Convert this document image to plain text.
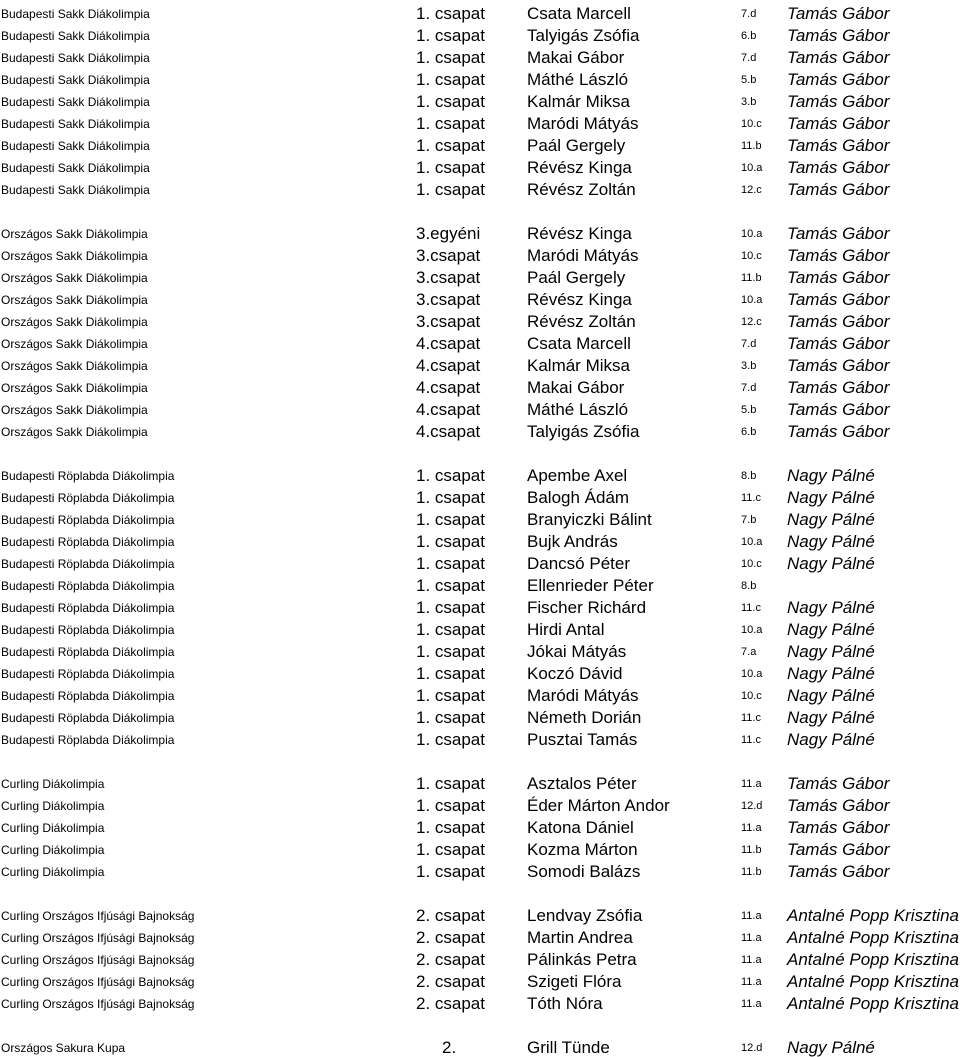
Budapesti Sakk Diákolimpia	1. csapat Csata Marcell	7.d Tamás Gábor
Budapesti Sakk Diákolimpia	1. csapat Talyigás Zsófia	6.b Tamás Gábor
Budapesti Sakk Diákolimpia	1. csapat Makai Gábor	7.d Tamás Gábor
Budapesti Sakk Diákolimpia	1. csapat Máthé László	5.b Tamás Gábor
Budapesti Sakk Diákolimpia	1. csapat Kalmár Miksa	3.b Tamás Gábor
Budapesti Sakk Diákolimpia	1. csapat Maródi Mátyás	10.c Tamás Gábor
Budapesti Sakk Diákolimpia	1. csapat Paál Gergely	11.b Tamás Gábor
Budapesti Sakk Diákolimpia	1. csapat Révész Kinga	10.a Tamás Gábor
Budapesti Sakk Diákolimpia	1. csapat Révész Zoltán	12.c Tamás Gábor
Országos Sakk Diákolimpia	3.egyéni	Révész Kinga	10.a Tamás Gábor
Országos Sakk Diákolimpia	3.csapat	Maródi Mátyás	10.c Tamás Gábor
Országos Sakk Diákolimpia	3.csapat	Paál Gergely	11.b Tamás Gábor
Országos Sakk Diákolimpia	3.csapat	Révész Kinga	10.a Tamás Gábor
Országos Sakk Diákolimpia	3.csapat	Révész Zoltán	12.c Tamás Gábor
Országos Sakk Diákolimpia	4.csapat	Csata Marcell	7.d Tamás Gábor
Országos Sakk Diákolimpia	4.csapat	Kalmár Miksa	3.b Tamás Gábor
Országos Sakk Diákolimpia	4.csapat	Makai Gábor	7.d Tamás Gábor
Országos Sakk Diákolimpia	4.csapat	Máthé László	5.b Tamás Gábor
Országos Sakk Diákolimpia	4.csapat	Talyigás Zsófia	6.b Tamás Gábor
Budapesti Röplabda Diákolimpia	1. csapat Apembe Axel	8.b Nagy Pálné
Budapesti Röplabda Diákolimpia	1. csapat Balogh Ádám	11.c Nagy Pálné
Budapesti Röplabda Diákolimpia	1. csapat Branyiczki Bálint	7.b Nagy Pálné
Budapesti Röplabda Diákolimpia	1. csapat Bujk András	10.a Nagy Pálné
Budapesti Röplabda Diákolimpia	1. csapat Dancsó Péter	10.c Nagy Pálné
Budapesti Röplabda Diákolimpia	1. csapat Ellenrieder Péter	8.b
Budapesti Röplabda Diákolimpia	1. csapat Fischer Richárd	11.c Nagy Pálné
Budapesti Röplabda Diákolimpia	1. csapat Hirdi Antal	10.a Nagy Pálné
Budapesti Röplabda Diákolimpia	1. csapat Jókai Mátyás	7.a Nagy Pálné
Budapesti Röplabda Diákolimpia	1. csapat Koczó Dávid	10.a Nagy Pálné
Budapesti Röplabda Diákolimpia	1. csapat Maródi Mátyás	10.c Nagy Pálné
Budapesti Röplabda Diákolimpia	1. csapat Németh Dorián	11.c Nagy Pálné
Budapesti Röplabda Diákolimpia	1. csapat Pusztai Tamás	11.c Nagy Pálné
Curling Diákolimpia	1. csapat Asztalos Péter	11.a Tamás Gábor
Curling Diákolimpia	1. csapat Éder Márton Andor	12.d Tamás Gábor
Curling Diákolimpia	1. csapat Katona Dániel	11.a Tamás Gábor
Curling Diákolimpia	1. csapat Kozma Márton	11.b Tamás Gábor
Curling Diákolimpia	1. csapat Somodi Balázs	11.b Tamás Gábor
Curling Országos Ifjúsági Bajnokság	2. csapat Lendvay Zsófia	11.a Antalné Popp Krisztina
Curling Országos Ifjúsági Bajnokság	2. csapat Martin Andrea	11.a Antalné Popp Krisztina
Curling Országos Ifjúsági Bajnokság	2. csapat Pálinkás Petra	11.a Antalné Popp Krisztina
Curling Országos Ifjúsági Bajnokság	2. csapat Szigeti Flóra	11.a Antalné Popp Krisztina
Curling Országos Ifjúsági Bajnokság	2. csapat Tóth Nóra	11.a Antalné Popp Krisztina
Országos Sakura Kupa	2.	Grill Tünde	12.d Nagy Pálné
